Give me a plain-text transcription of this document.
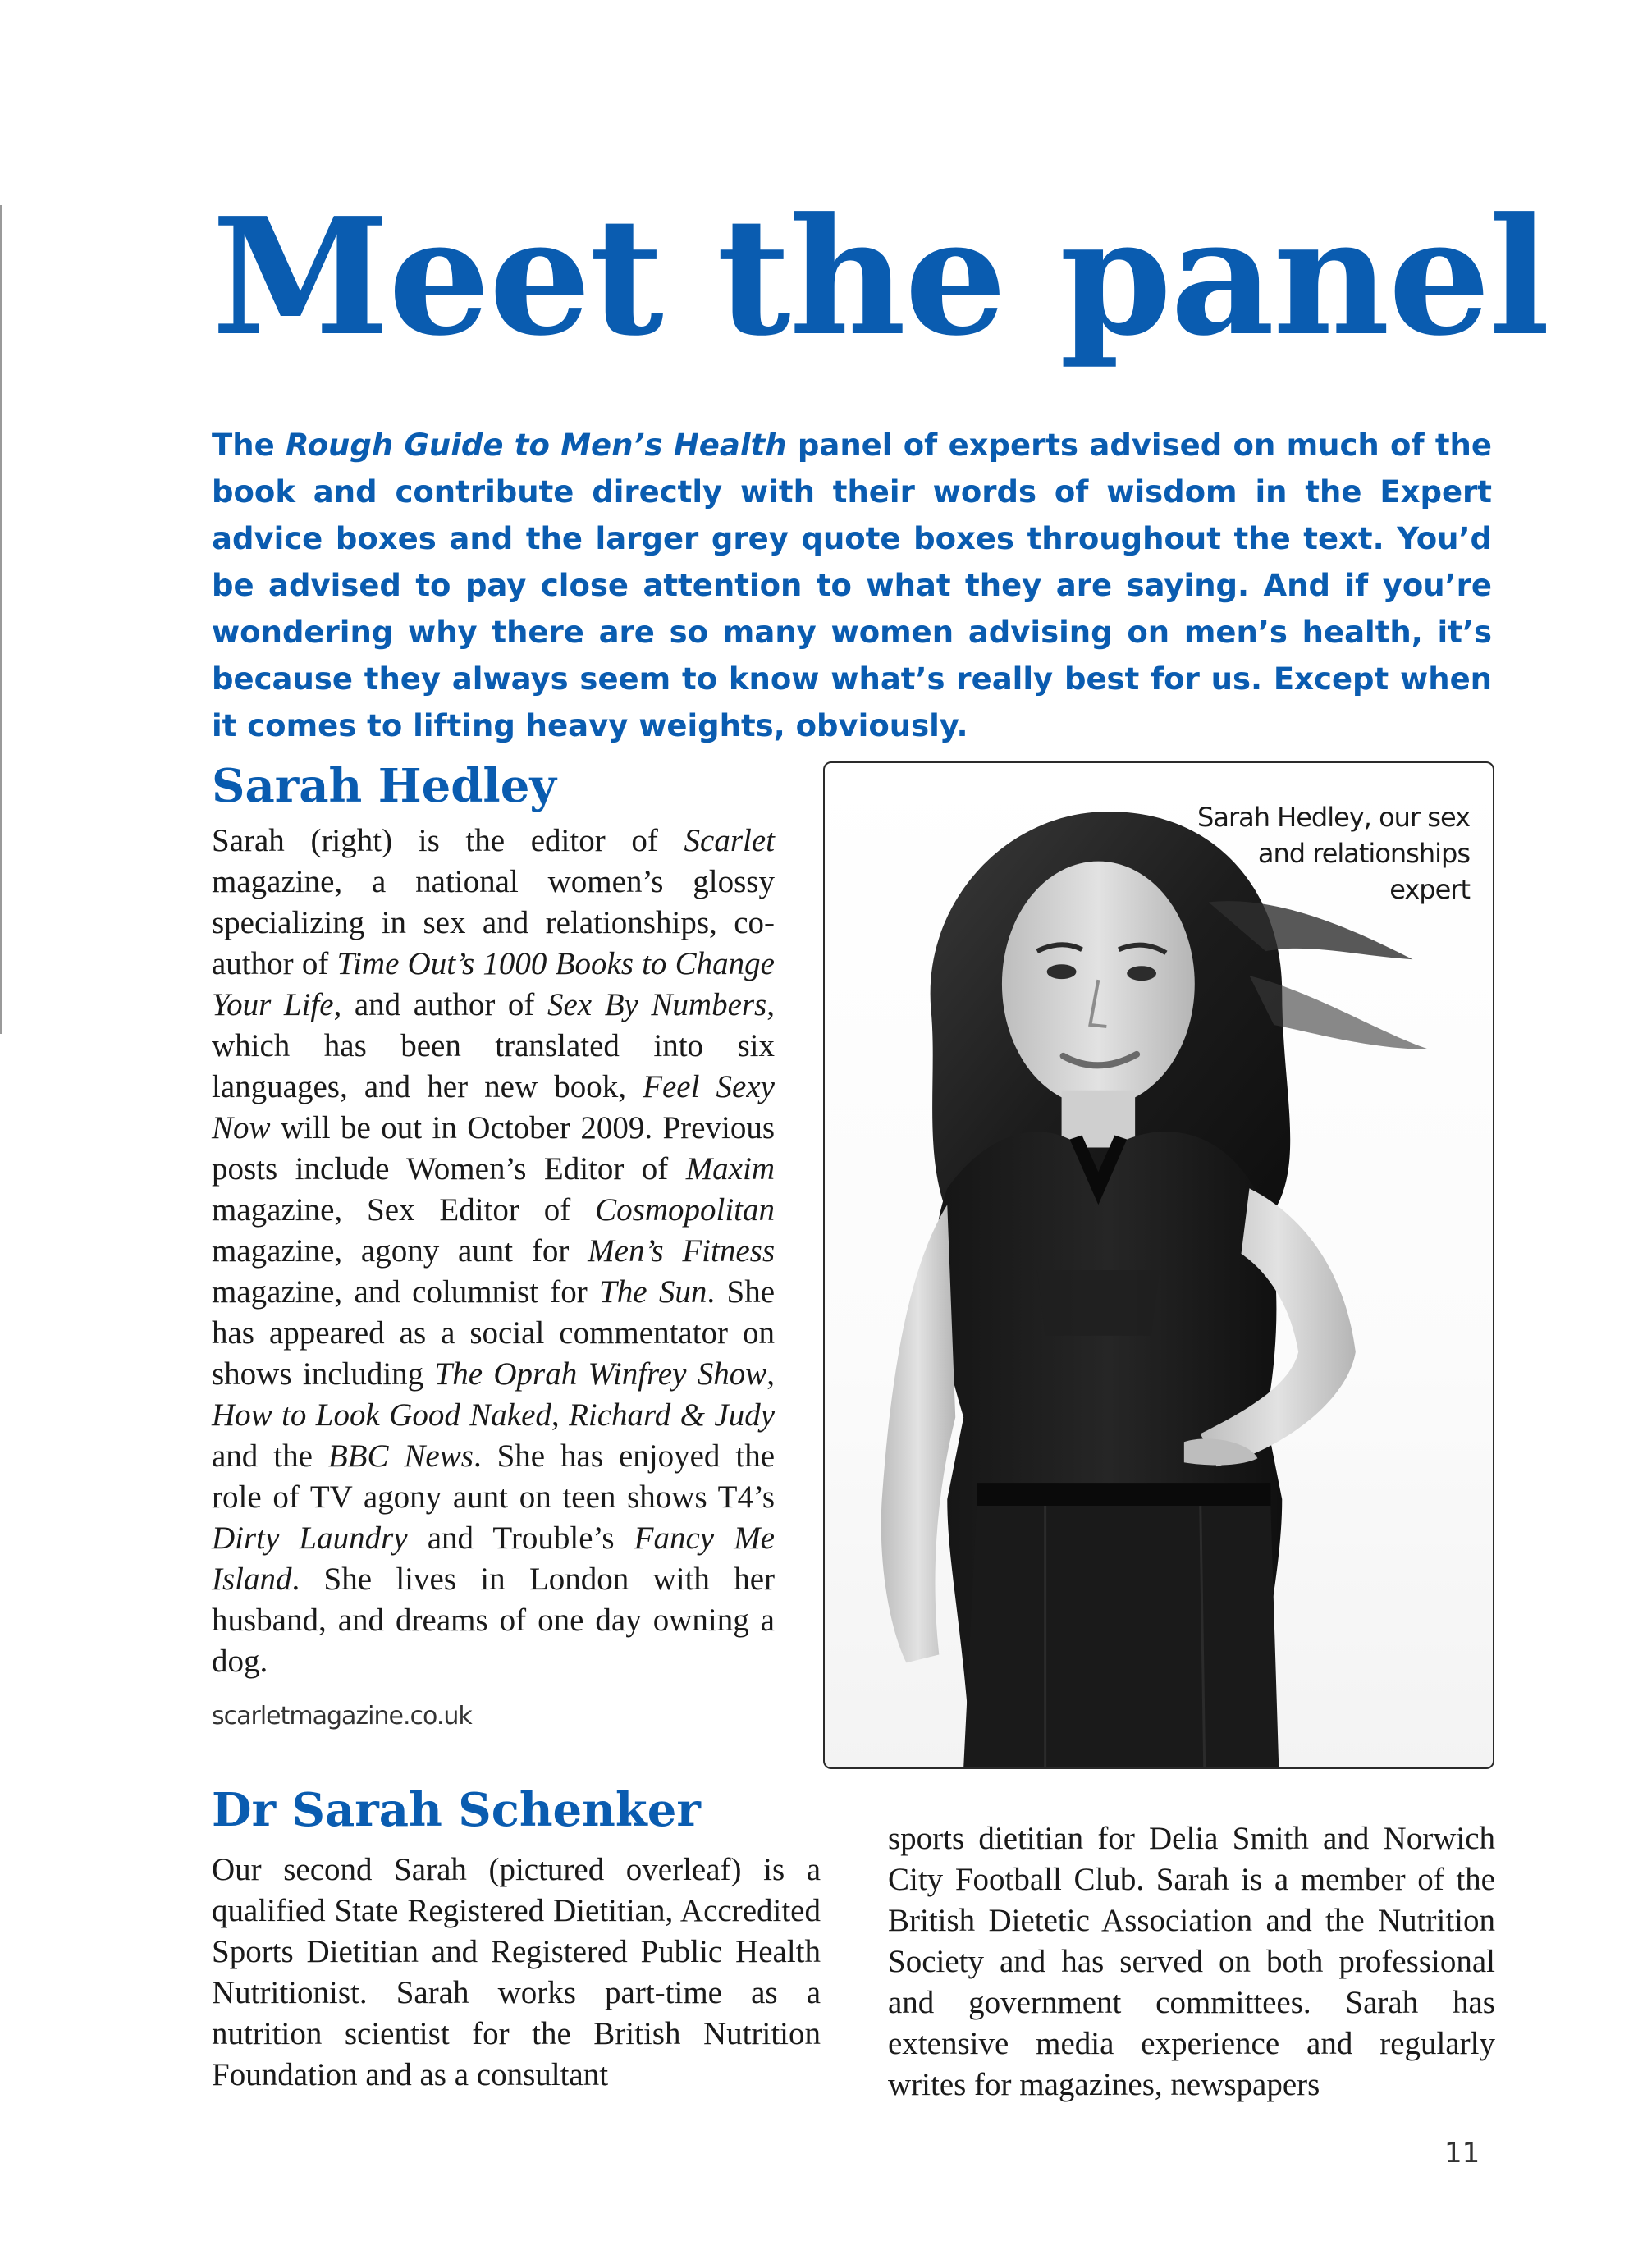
Meet the panel

The Rough Guide to Men’s Health panel of experts advised on much of the book and contribute directly with their words of wisdom in the Expert advice boxes and the larger grey quote boxes throughout the text. You’d be advised to pay close attention to what they are saying. And if you’re wondering why there are so many women advising on men’s health, it’s because they always seem to know what’s really best for us. Except when it comes to lifting heavy weights, obviously.

Sarah Hedley

Sarah (right) is the editor of Scarlet magazine, a national women’s glossy specializing in sex and relationships, co-author of Time Out’s 1000 Books to Change Your Life, and author of Sex By Numbers, which has been translated into six languages, and her new book, Feel Sexy Now will be out in October 2009. Previous posts include Women’s Editor of Maxim magazine, Sex Editor of Cosmopolitan magazine, agony aunt for Men’s Fitness magazine, and columnist for The Sun. She has appeared as a social commentator on shows including The Oprah Winfrey Show, How to Look Good Naked, Richard & Judy and the BBC News. She has enjoyed the role of TV agony aunt on teen shows T4’s Dirty Laundry and Trouble’s Fancy Me Island. She lives in London with her husband, and dreams of one day owning a dog.

scarletmagazine.co.uk

Sarah Hedley, our sex and relationships expert

Dr Sarah Schenker

Our second Sarah (pictured overleaf) is a qualified State Registered Dietitian, Accredited Sports Dietitian and Registered Public Health Nutritionist. Sarah works part-time as a nutrition scientist for the British Nutrition Foundation and as a consultant

sports dietitian for Delia Smith and Norwich City Football Club. Sarah is a member of the British Dietetic Association and the Nutrition Society and has served on both professional and government committees. Sarah has extensive media experience and regularly writes for magazines, newspapers

11
